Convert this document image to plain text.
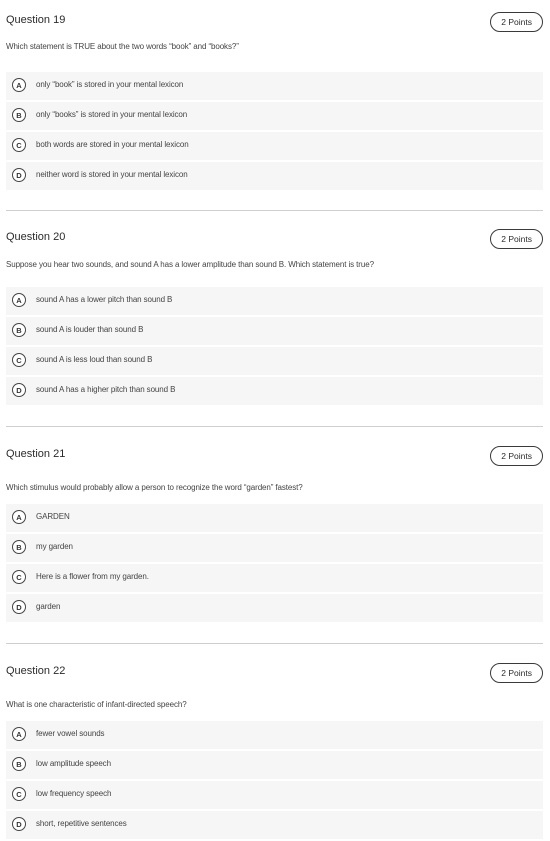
Question 19	2 Points
Which statement is TRUE about the two words “book” and “books?”
A	only “book” is stored in your mental lexicon
B	only “books” is stored in your mental lexicon
C	both words are stored in your mental lexicon
D	neither word is stored in your mental lexicon
Question 20	2 Points
Suppose you hear two sounds, and sound A has a lower amplitude than sound B. Which statement is true?
A	sound A has a lower pitch than sound B
B	sound A is louder than sound B
C	sound A is less loud than sound B
D	sound A has a higher pitch than sound B
Question 21	2 Points
Which stimulus would probably allow a person to recognize the word “garden” fastest?
A	GARDEN
B	my garden
C	Here is a flower from my garden.
D	garden
Question 22	2 Points
What is one characteristic of infant-directed speech?
A	fewer vowel sounds
B	low amplitude speech
C	low frequency speech
D	short, repetitive sentences
